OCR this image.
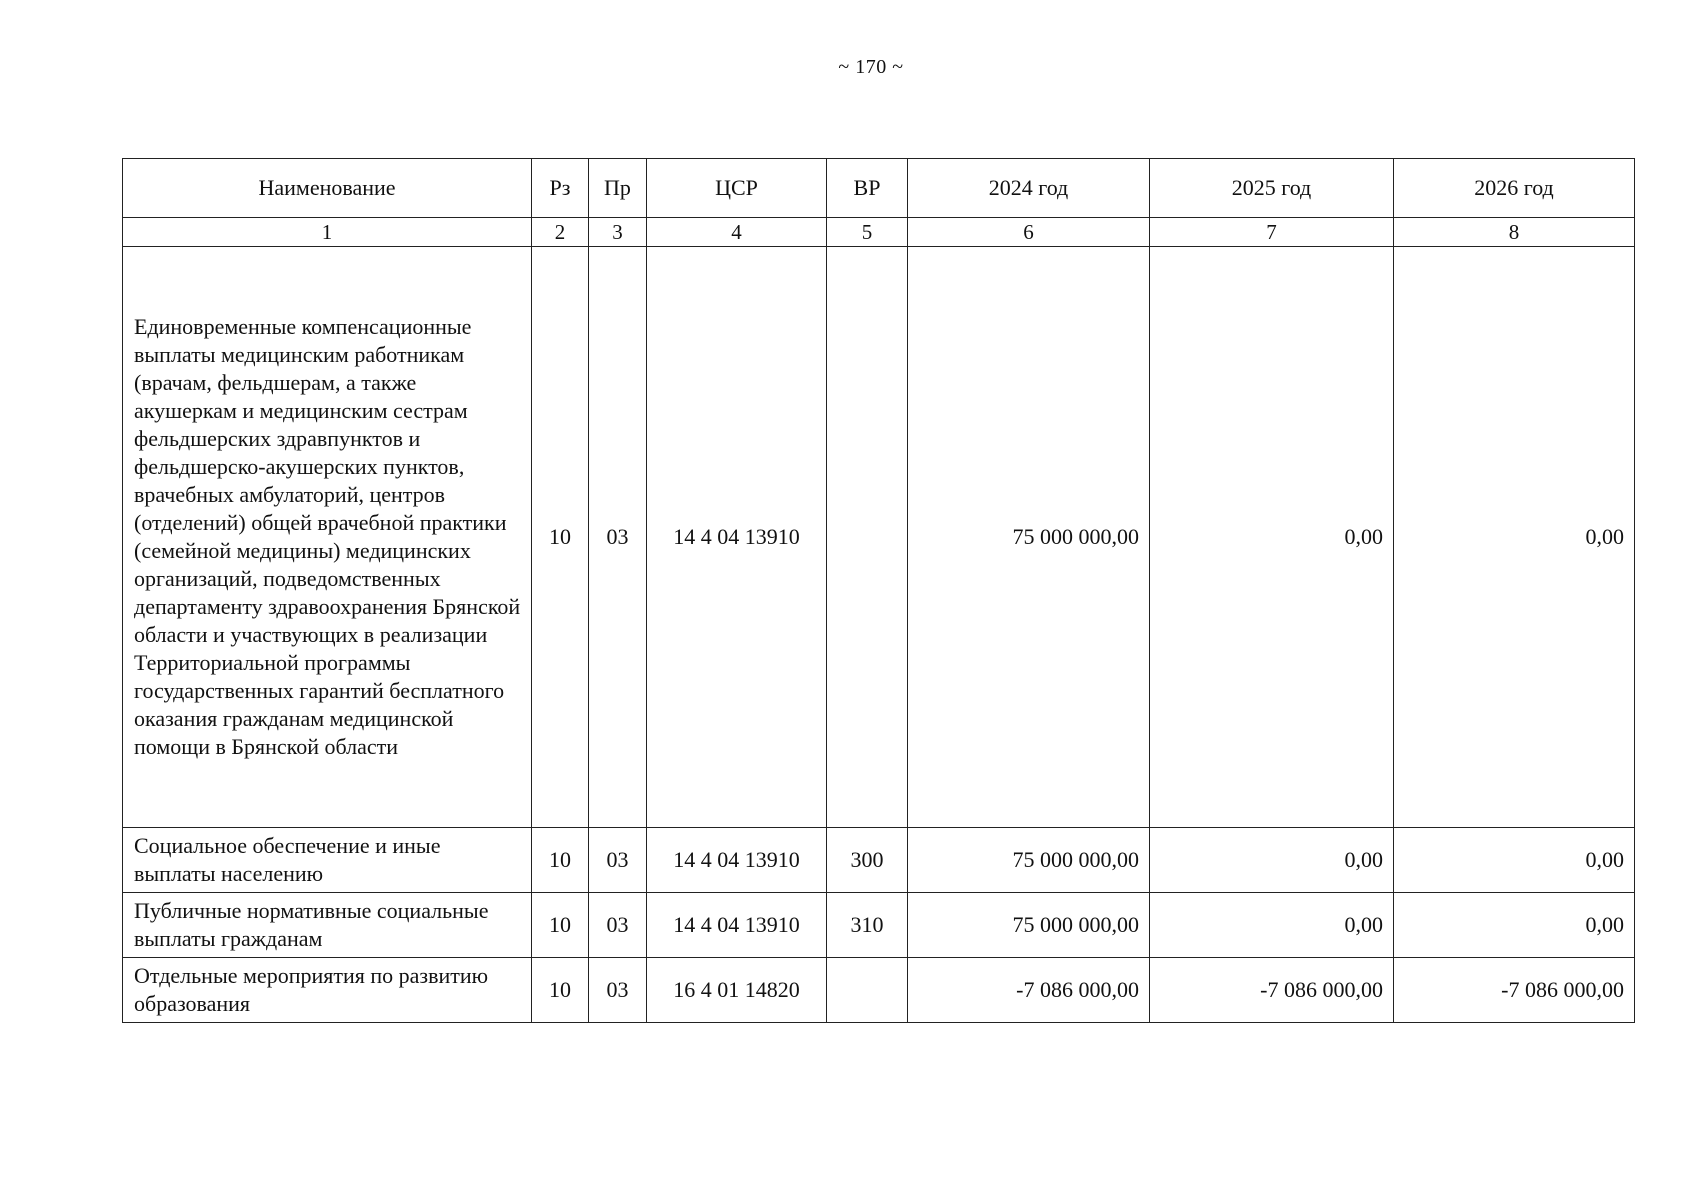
~ 170 ~
Наименование	Рз	Пр	ЦСР	ВР	2024 год	2025 год	2026 год
1	2	3	4	5	6	7	8
Единовременные компенсационные выплаты медицинским работникам (врачам, фельдшерам, а также акушеркам и медицинским сестрам фельдшерских здравпунктов и фельдшерско-акушерских пунктов, врачебных амбулаторий, центров (отделений) общей врачебной практики (семейной медицины) медицинских организаций, подведомственных департаменту здравоохранения Брянской области и участвующих в реализации Территориальной программы государственных гарантий бесплатного оказания гражданам медицинской помощи в Брянской области	10	03	14 4 04 13910		75 000 000,00	0,00	0,00
Социальное обеспечение и иные выплаты населению	10	03	14 4 04 13910	300	75 000 000,00	0,00	0,00
Публичные нормативные социальные выплаты гражданам	10	03	14 4 04 13910	310	75 000 000,00	0,00	0,00
Отдельные мероприятия по развитию образования	10	03	16 4 01 14820		-7 086 000,00	-7 086 000,00	-7 086 000,00
